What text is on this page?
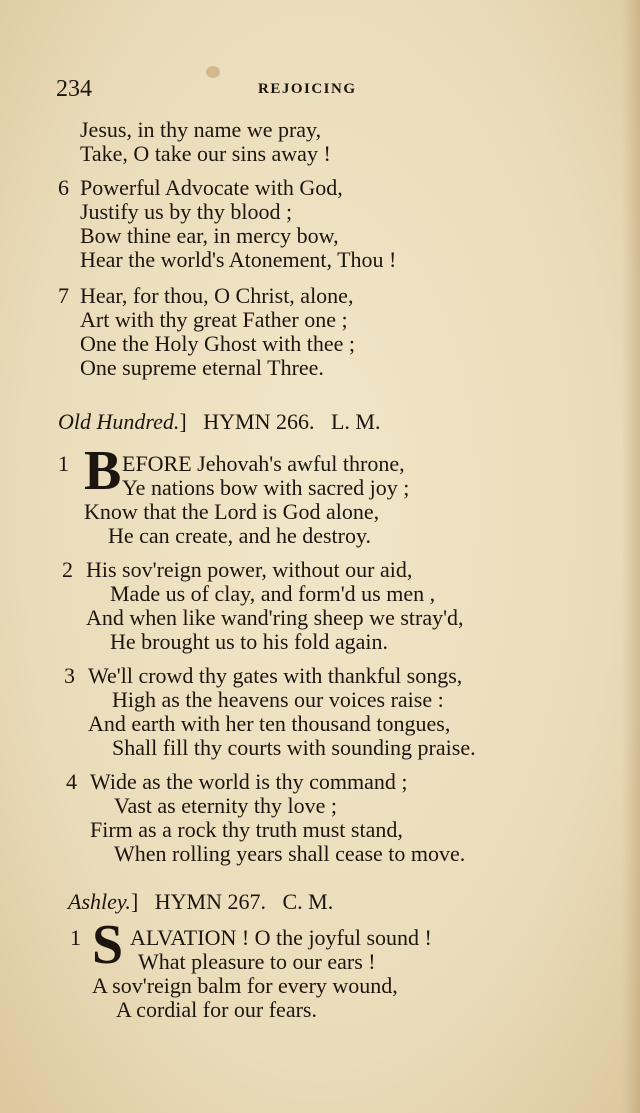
234	REJOICING
Jesus, in thy name we pray,
Take, O take our sins away !
6 Powerful Advocate with God,
Justify us by thy blood ;
Bow thine ear, in mercy bow,
Hear the world's Atonement, Thou !
7 Hear, for thou, O Christ, alone,
Art with thy great Father one ;
One the Holy Ghost with thee ;
One supreme eternal Three.
Old Hundred.] HYMN 266. L. M.
1 B EFORE Jehovah's awful throne,
Ye nations bow with sacred joy ;
Know that the Lord is God alone,
He can create, and he destroy.
2 His sov'reign power, without our aid,
Made us of clay, and form'd us men ,
And when like wand'ring sheep we stray'd,
He brought us to his fold again.
3 We'll crowd thy gates with thankful songs,
High as the heavens our voices raise :
And earth with her ten thousand tongues,
Shall fill thy courts with sounding praise.
4 Wide as the world is thy command ;
Vast as eternity thy love ;
Firm as a rock thy truth must stand,
When rolling years shall cease to move.
Ashley.] HYMN 267. C. M.
1 S ALVATION ! O the joyful sound !
What pleasure to our ears !
A sov'reign balm for every wound,
A cordial for our fears.
